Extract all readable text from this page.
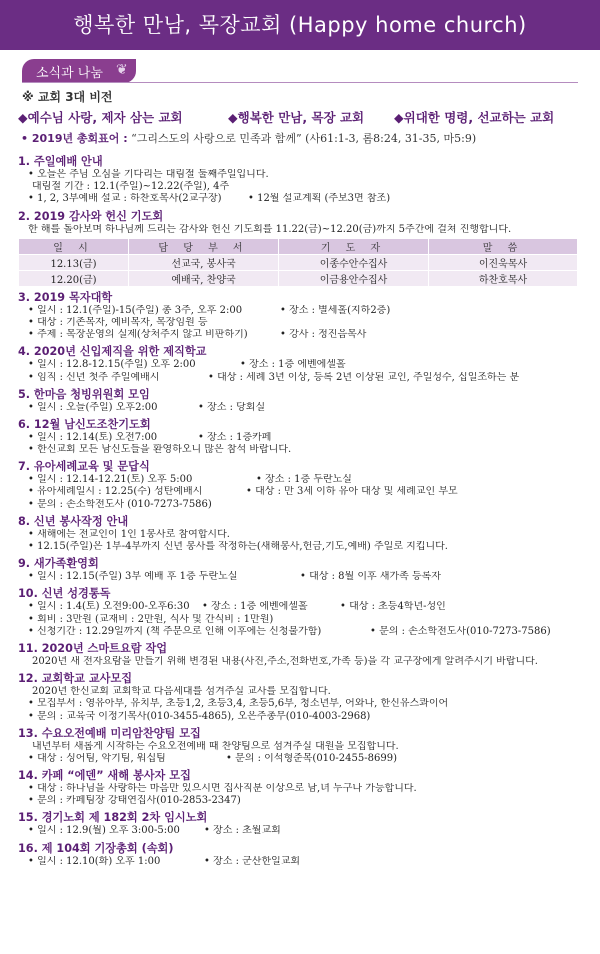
행복한 만남, 목장교회 (Happy home church)
소식과 나눔 ❦
※ 교회 3대 비전
◆예수님 사랑, 제자 삼는 교회	◆행복한 만남, 목장 교회	◆위대한 명령, 선교하는 교회
• 2019년 총회표어 : “그리스도의 사랑으로 민족과 함께” (사61:1-3, 롬8:24, 31-35, 마5:9)
1. 주일예배 안내
• 오늘은 주님 오심을 기다리는 대림절 둘째주일입니다.
대림절 기간 : 12.1(주일)~12.22(주일), 4주
• 1, 2, 3부예배 설교 : 하찬호목사(2교구장)	• 12월 설교계획 (주보3면 참조)
2. 2019 감사와 헌신 기도회
한 해를 돌아보며 하나님께 드리는 감사와 헌신 기도회를 11.22(금)~12.20(금)까지 5주간에 걸쳐 진행합니다.
일 시	담 당 부 서	기 도 자	말 씀
12.13(금)	선교국, 봉사국	이종수안수집사	이진욱목사
12.20(금)	예배국, 찬양국	이금용안수집사	하찬호목사
3. 2019 목자대학
• 일시 : 12.1(주일)-15(주일) 총 3주, 오후 2:00	• 장소 : 별세홀(지하2층)
• 대상 : 기존목자, 예비목자, 목장임원 등
• 주제 : 목장운영의 실제(상처주지 않고 비판하기)	• 강사 : 정진음목사
4. 2020년 신입제직을 위한 제직학교
• 일시 : 12.8-12.15(주일) 오후 2:00	• 장소 : 1층 에벤에셀홀
• 임직 : 신년 첫주 주일예배시	• 대상 : 세례 3년 이상, 등록 2년 이상된 교인, 주일성수, 십일조하는 분
5. 한마음 청빙위원회 모임
• 일시 : 오늘(주일) 오후2:00	• 장소 : 당회실
6. 12월 남신도조찬기도회
• 일시 : 12.14(토) 오전7:00	• 장소 : 1층카페
• 한신교회 모든 남신도들을 환영하오니 많은 참석 바랍니다.
7. 유아세례교육 및 문답식
• 일시 : 12.14-12.21(토) 오후 5:00	• 장소 : 1층 두란노실
• 유아세례일시 : 12.25(수) 성탄예배시	• 대상 : 만 3세 이하 유아 대상 및 세례교인 부모
• 문의 : 손소학전도사 (010-7273-7586)
8. 신년 봉사작정 안내
• 새해에는 전교인이 1인 1봉사로 참여합시다.
• 12.15(주일)은 1부-4부까지 신년 봉사를 작정하는(새해봉사,헌금,기도,예배) 주일로 지킵니다.
9. 새가족환영회
• 일시 : 12.15(주일) 3부 예배 후 1층 두란노실	• 대상 : 8월 이후 새가족 등록자
10. 신년 성경통독
• 일시 : 1.4(토) 오전9:00-오후6:30 • 장소 : 1층 에벤에셀홀	• 대상 : 초등4학년-성인
• 회비 : 3만원 (교재비 : 2만원, 식사 및 간식비 : 1만원)
• 신청기간 : 12.29일까지 (책 주문으로 인해 이후에는 신청불가함)	• 문의 : 손소학전도사(010-7273-7586)
11. 2020년 스마트요람 작업
2020년 새 전자요람을 만들기 위해 변경된 내용(사진,주소,전화번호,가족 등)을 각 교구장에게 알려주시기 바랍니다.
12. 교회학교 교사모집
2020년 한신교회 교회학교 다음세대를 섬겨주실 교사를 모집합니다.
• 모집부서 : 영유아부, 유치부, 초등1,2, 초등3,4, 초등5,6부, 청소년부, 어와나, 한신유스콰이어
• 문의 : 교육국 이정기목사(010-3455-4865), 오은주총무(010-4003-2968)
13. 수요오전예배 미리암찬양팀 모집
내년부터 새롭게 시작하는 수요오전예배 때 찬양팀으로 섬겨주실 대원을 모집합니다.
• 대상 : 싱어팀, 악기팀, 워십팀	• 문의 : 이석형준목(010-2455-8699)
14. 카페 “에덴” 새해 봉사자 모집
• 대상 : 하나님을 사랑하는 마음만 있으시면 집사직분 이상으로 남,녀 누구나 가능합니다.
• 문의 : 카페팀장 강태연집사(010-2853-2347)
15. 경기노회 제 182회 2차 임시노회
• 일시 : 12.9(월) 오후 3:00-5:00 • 장소 : 초월교회
16. 제 104회 기장총회 (속회)
• 일시 : 12.10(화) 오후 1:00	• 장소 : 군산한일교회
